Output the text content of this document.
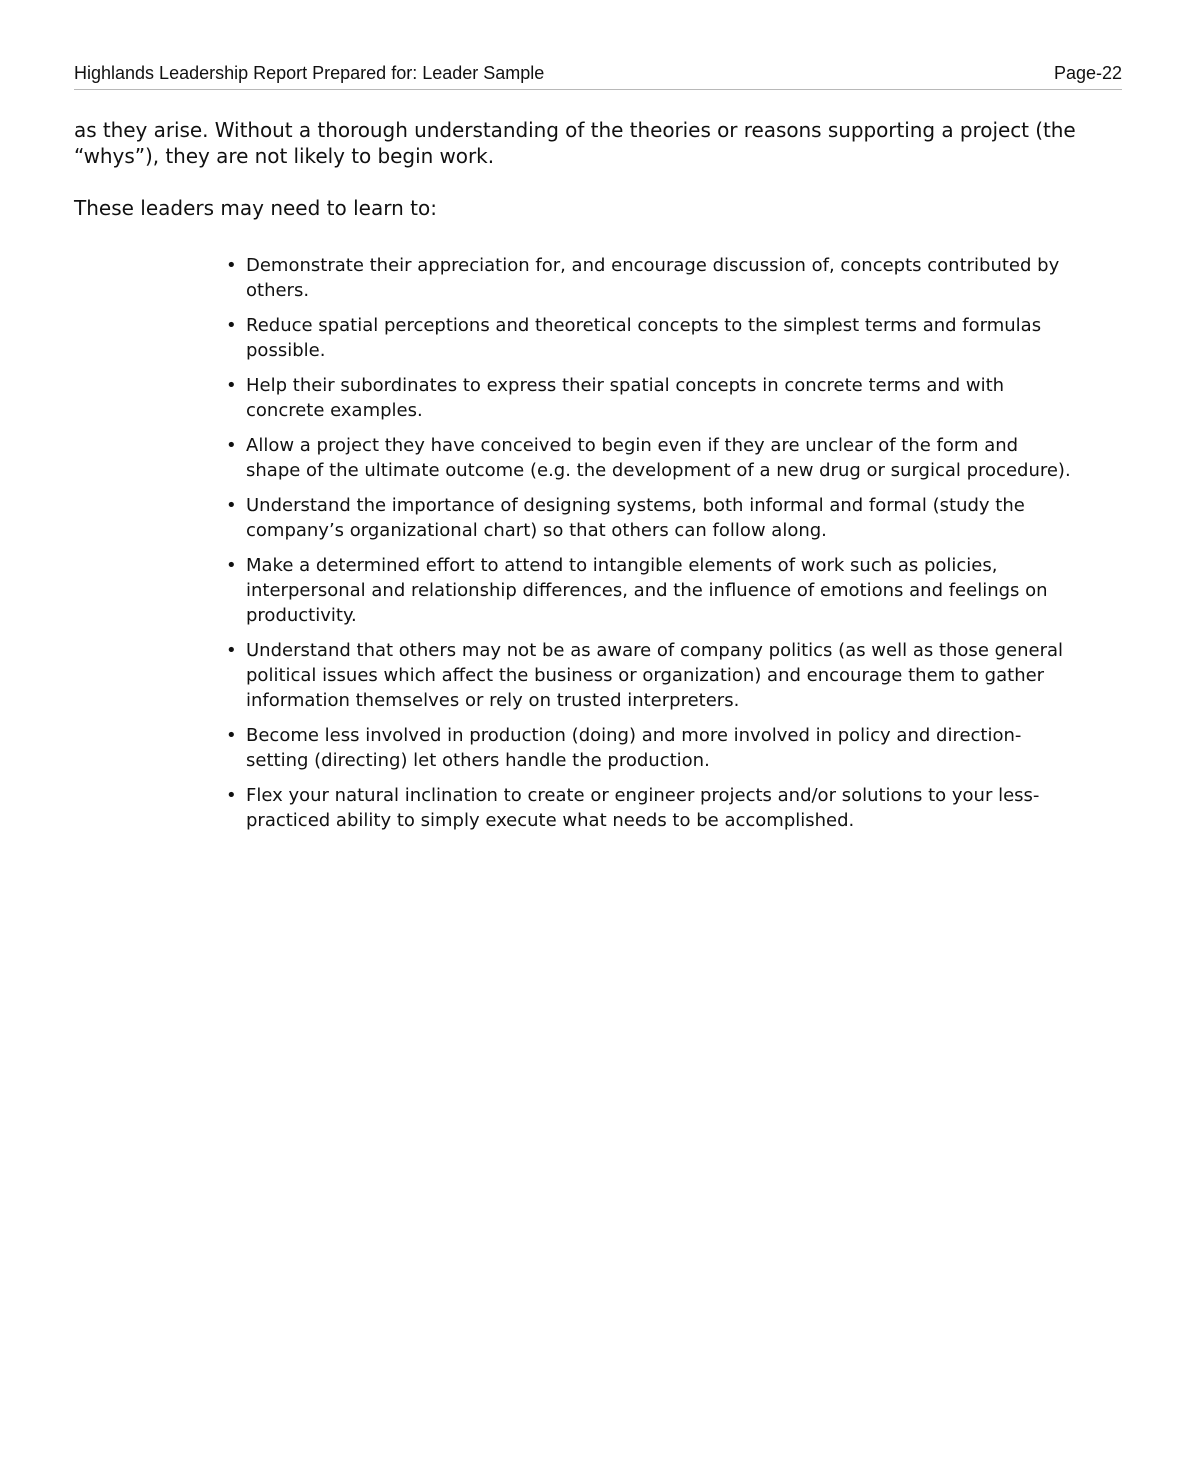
Highlands Leadership Report Prepared for: Leader Sample	Page-22

as they arise. Without a thorough understanding of the theories or reasons supporting a project (the “whys”), they are not likely to begin work.

These leaders may need to learn to:

• Demonstrate their appreciation for, and encourage discussion of, concepts contributed by others.
• Reduce spatial perceptions and theoretical concepts to the simplest terms and formulas possible.
• Help their subordinates to express their spatial concepts in concrete terms and with concrete examples.
• Allow a project they have conceived to begin even if they are unclear of the form and shape of the ultimate outcome (e.g. the development of a new drug or surgical procedure).
• Understand the importance of designing systems, both informal and formal (study the company’s organizational chart) so that others can follow along.
• Make a determined effort to attend to intangible elements of work such as policies, interpersonal and relationship differences, and the influence of emotions and feelings on productivity.
• Understand that others may not be as aware of company politics (as well as those general political issues which affect the business or organization) and encourage them to gather information themselves or rely on trusted interpreters.
• Become less involved in production (doing) and more involved in policy and direction-setting (directing) let others handle the production.
• Flex your natural inclination to create or engineer projects and/or solutions to your less-practiced ability to simply execute what needs to be accomplished.
